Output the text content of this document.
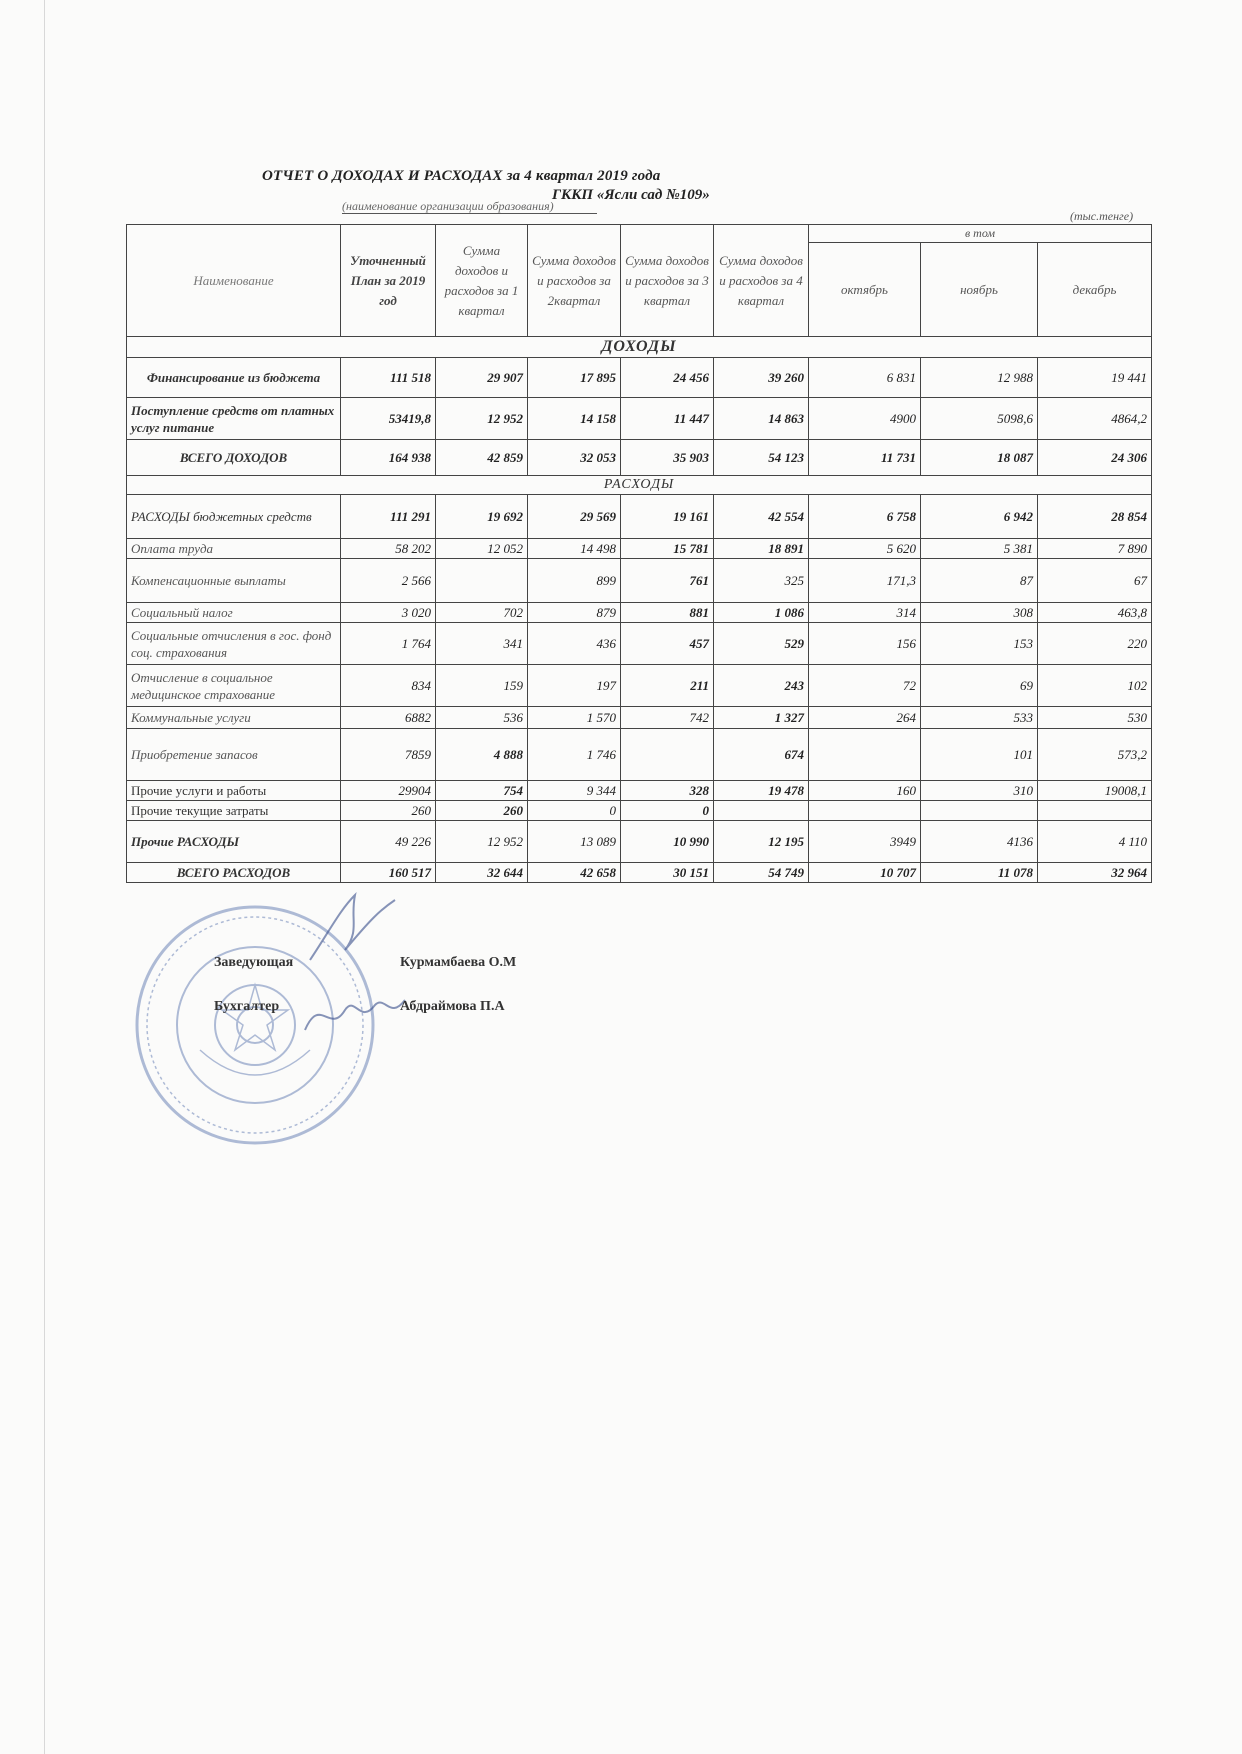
ОТЧЕТ О ДОХОДАХ И РАСХОДАХ за 4 квартал 2019 года
ГККП «Ясли сад №109»
(наименование организации образования)
(тыс.тенге)
Наименование	Уточненный План за 2019 год	Сумма доходов и расходов за 1 квартал	Сумма доходов и расходов за 2квартал	Сумма доходов и расходов за 3 квартал	Сумма доходов и расходов за 4 квартал	в том		
						октябрь	ноябрь	декабрь
ДОХОДЫ								
Финансирование из бюджета	111 518	29 907	17 895	24 456	39 260	6 831	12 988	19 441
Поступление средств от платных услуг питание	53419,8	12 952	14 158	11 447	14 863	4900	5098,6	4864,2
ВСЕГО ДОХОДОВ	164 938	42 859	32 053	35 903	54 123	11 731	18 087	24 306
РАСХОДЫ								
РАСХОДЫ бюджетных средств	111 291	19 692	29 569	19 161	42 554	6 758	6 942	28 854
Оплата труда	58 202	12 052	14 498	15 781	18 891	5 620	5 381	7 890
Компенсационные выплаты	2 566		899	761	325	171,3	87	67
Социальный налог	3 020	702	879	881	1 086	314	308	463,8
Социальные отчисления в гос. фонд соц. страхования	1 764	341	436	457	529	156	153	220
Отчисление в социальное медицинское страхование	834	159	197	211	243	72	69	102
Коммунальные услуги	6882	536	1 570	742	1 327	264	533	530
Приобретение запасов	7859	4 888	1 746		674		101	573,2
Прочие услуги и работы	29904	754	9 344	328	19 478	160	310	19008,1
Прочие текущие затраты	260	260	0	0				
Прочие РАСХОДЫ	49 226	12 952	13 089	10 990	12 195	3949	4136	4 110
ВСЕГО РАСХОДОВ	160 517	32 644	42 658	30 151	54 749	10 707	11 078	32 964
Заведующая	Курмамбаева О.М
Бухгалтер	Абдраймова П.А
